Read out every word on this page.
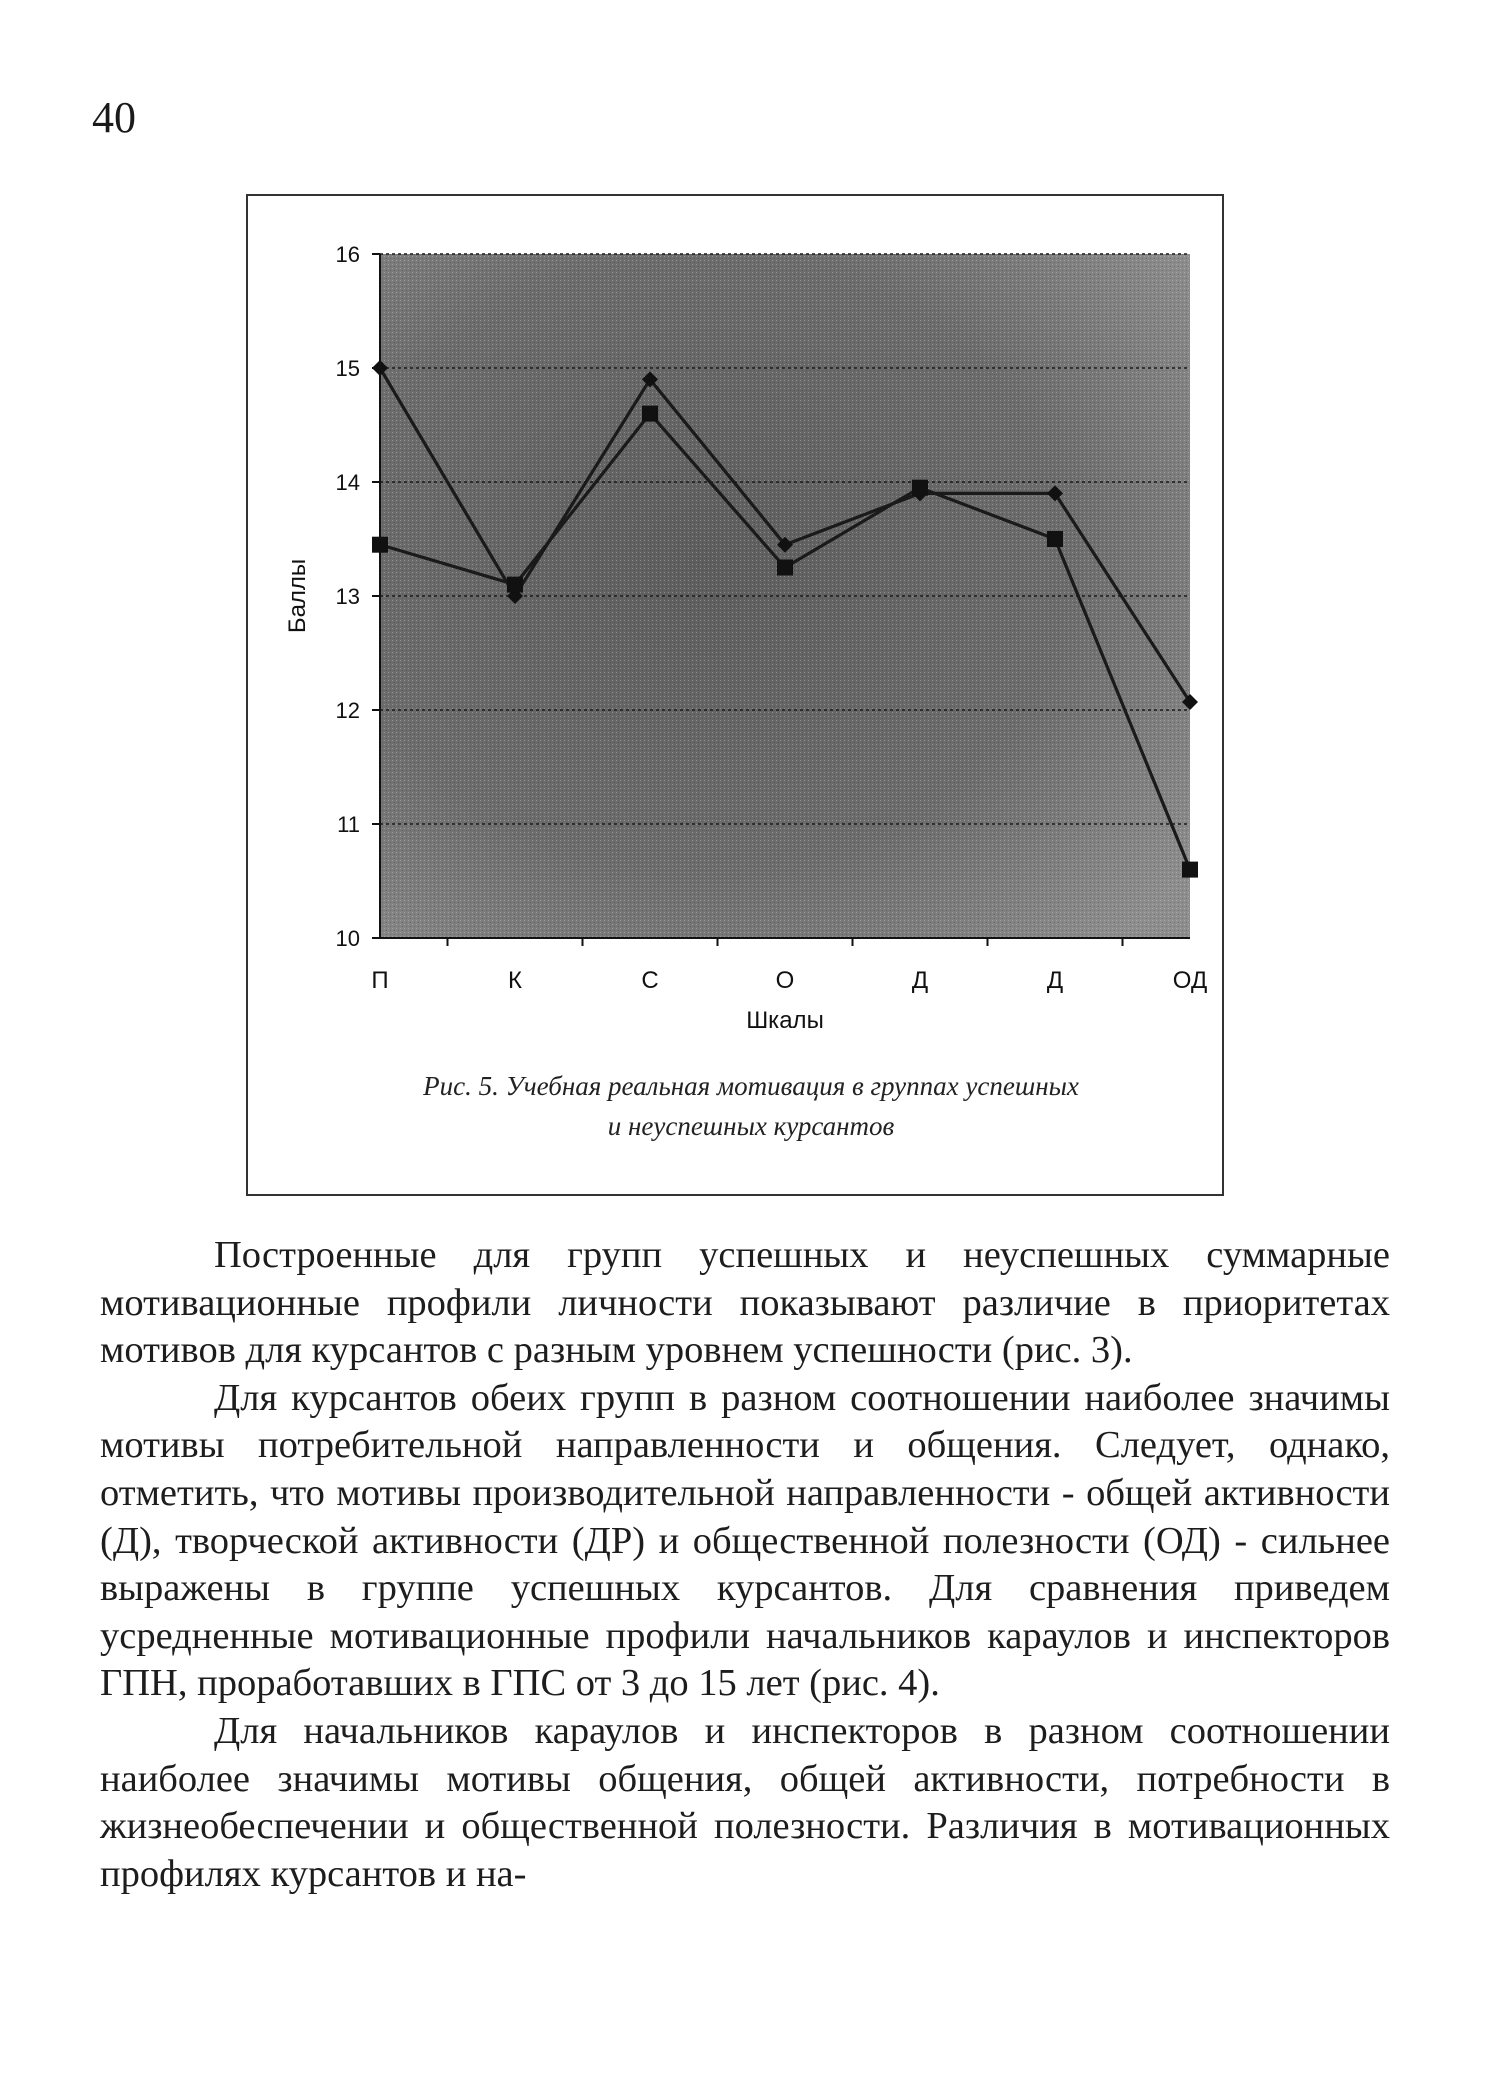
40
10
11
12
13
14
15
16
П	К	С	О	Д	Д	ОД
Шкалы
Баллы
Рис. 5. Учебная реальная мотивация в группах успешных
и неуспешных курсантов

Построенные для групп успешных и неуспешных суммарные мотивационные профили личности показывают различие в приоритетах мотивов для курсантов с разным уровнем успешности (рис. 3).

Для курсантов обеих групп в разном соотношении наиболее значимы мотивы потребительной направленности и общения. Следует, однако, отметить, что мотивы производительной направленности - общей активности (Д), творческой активности (ДР) и общественной полезности (ОД) - сильнее выражены в группе успешных курсантов. Для сравнения приведем усредненные мотивационные профили начальников караулов и инспекторов ГПН, проработавших в ГПС от 3 до 15 лет (рис. 4).

Для начальников караулов и инспекторов в разном соотношении наиболее значимы мотивы общения, общей активности, потребности в жизнеобеспечении и общественной полезности. Различия в мотивационных профилях курсантов и на-
